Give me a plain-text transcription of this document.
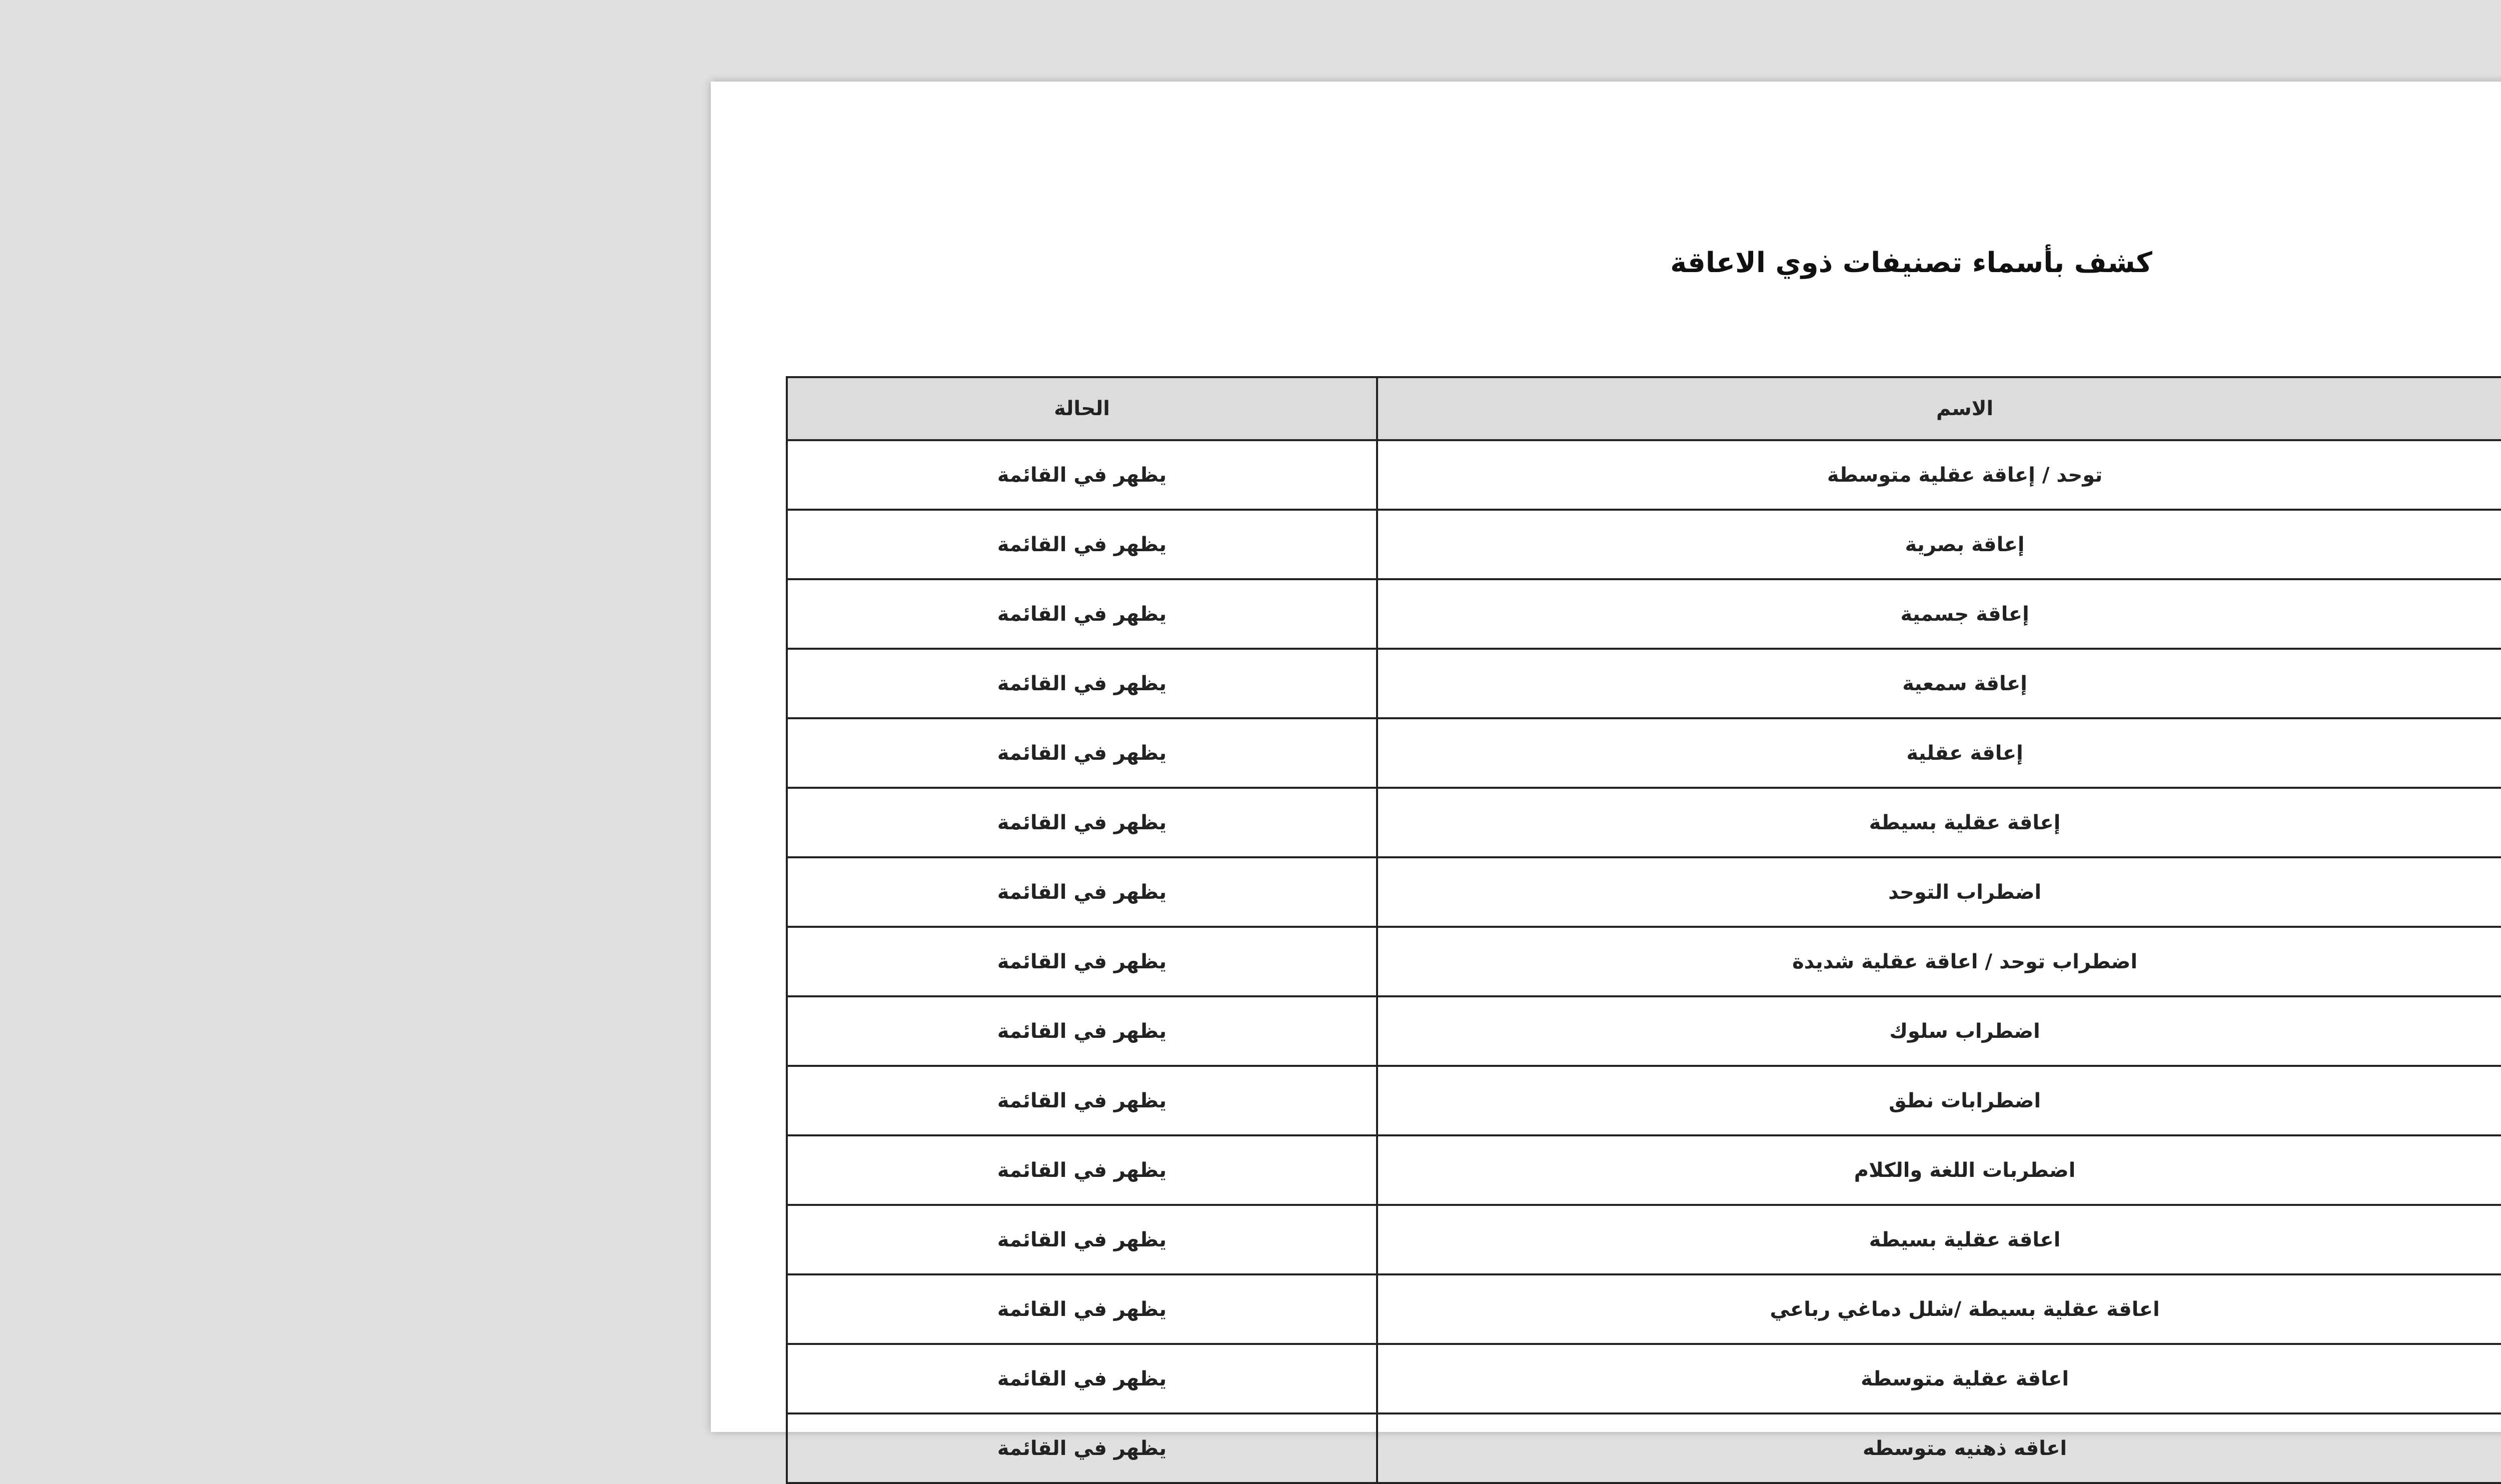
كشف بأسماء تصنيفات ذوي الاعاقة
	الاسم	الحالة
	توحد / إعاقة عقلية متوسطة	يظهر في القائمة
	إعاقة بصرية	يظهر في القائمة
	إعاقة جسمية	يظهر في القائمة
	إعاقة سمعية	يظهر في القائمة
	إعاقة عقلية	يظهر في القائمة
	إعاقة عقلية بسيطة	يظهر في القائمة
	اضطراب التوحد	يظهر في القائمة
	اضطراب توحد / اعاقة عقلية شديدة	يظهر في القائمة
	اضطراب سلوك	يظهر في القائمة
	اضطرابات نطق	يظهر في القائمة
	اضطربات اللغة والكلام	يظهر في القائمة
	اعاقة عقلية بسيطة	يظهر في القائمة
	اعاقة عقلية بسيطة /شلل دماغي رباعي	يظهر في القائمة
	اعاقة عقلية متوسطة	يظهر في القائمة
	اعاقه ذهنيه متوسطه	يظهر في القائمة
